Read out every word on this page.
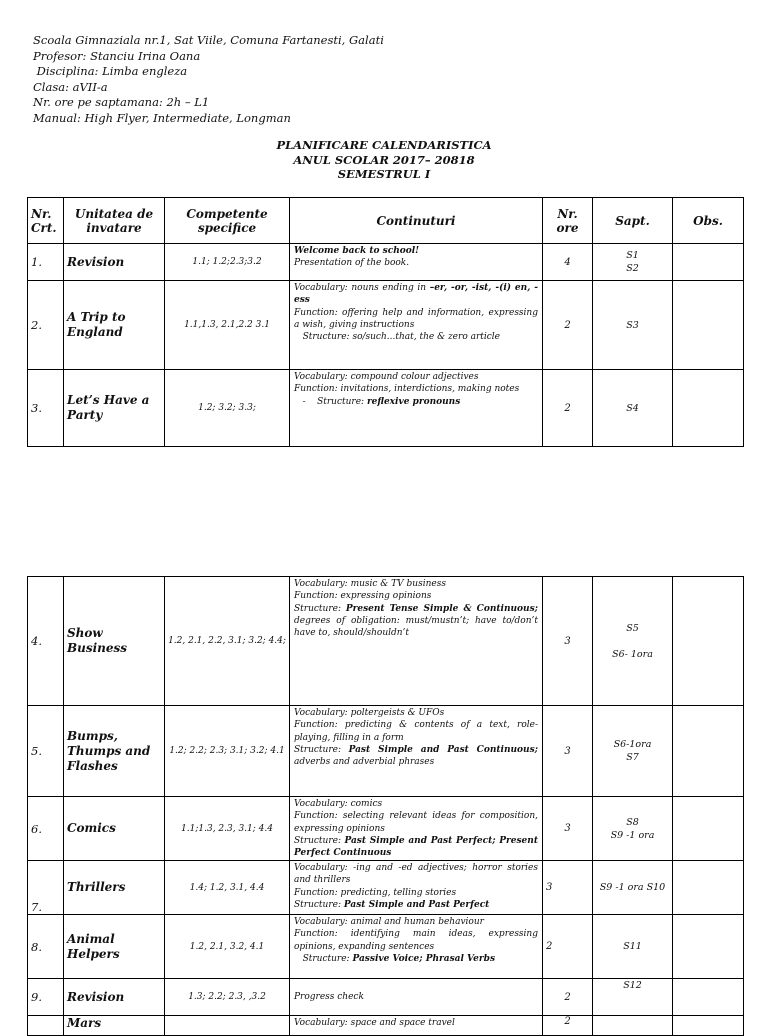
Scoala Gimnaziala nr.1, Sat Viile, Comuna Fartanesti, Galati
Profesor: Stanciu Irina Oana
Disciplina: Limba engleza
Clasa: aVII-a
Nr. ore pe saptamana: 2h – L1
Manual: High Flyer, Intermediate, Longman
PLANIFICARE CALENDARISTICA
ANUL SCOLAR 2017– 20818
SEMESTRUL I
Nr. Crt.	Unitatea de invatare	Competente specifice	Continuturi	Nr. ore	Sapt.	Obs.
1.	Revision	1.1; 1.2;2.3;3.2	Welcome back to school!
Presentation of the book.	4	S1
S2	

2.	A Trip to England	1.1,1.3, 2.1,2.2 3.1	Vocabulary: nouns ending in –er, -or, -ist, -(i) en, -ess
Function: offering help and information, expressing a wish, giving instructions
Structure: so/such...that, the & zero article	2	S3	

3.	Let’s Have a Party	1.2; 3.2; 3.3;	Vocabulary: compound colour adjectives
Function: invitations, interdictions, making notes
-    Structure: reflexive pronouns	2	S4	

4.	Show Business	1.2, 2.1, 2.2, 3.1; 3.2; 4.4;	Vocabulary: music & TV business
Function: expressing opinions
Structure: Present Tense Simple & Continuous; degrees of obligation: must/mustn’t; have to/don’t have to, should/shouldn’t	3	S5

S6- 1ora	

5.	Bumps, Thumps and Flashes	1.2; 2.2; 2.3; 3.1; 3.2; 4.1	Vocabulary: poltergeists & UFOs
Function: predicting & contents of a text, role-playing, filling in a form
Structure: Past Simple and Past Continuous; adverbs and adverbial phrases	3	S6-1ora
S7	

6.	Comics	1.1;1.3, 2.3, 3.1; 4.4	Vocabulary: comics
Function: selecting relevant ideas for composition, expressing opinions
Structure: Past Simple and Past Perfect; Present Perfect Continuous	3	S8
S9 -1 ora	

7.	Thrillers	1.4; 1.2, 3.1, 4.4	Vocabulary: -ing and -ed adjectives; horror stories and thrillers
Function: predicting, telling stories
Structure: Past Simple and Past Perfect	3	S9 -1 ora S10	

8.	Animal Helpers	1.2, 2.1, 3.2, 4.1	Vocabulary: animal and human behaviour
Function: identifying main ideas, expressing opinions, expanding sentences
Structure: Passive Voice; Phrasal Verbs	2	S11	

9.	Revision	1.3; 2.2; 2.3, ,3.2	Progress check	2	S12	

	Mars		Vocabulary: space and space travel	2		
